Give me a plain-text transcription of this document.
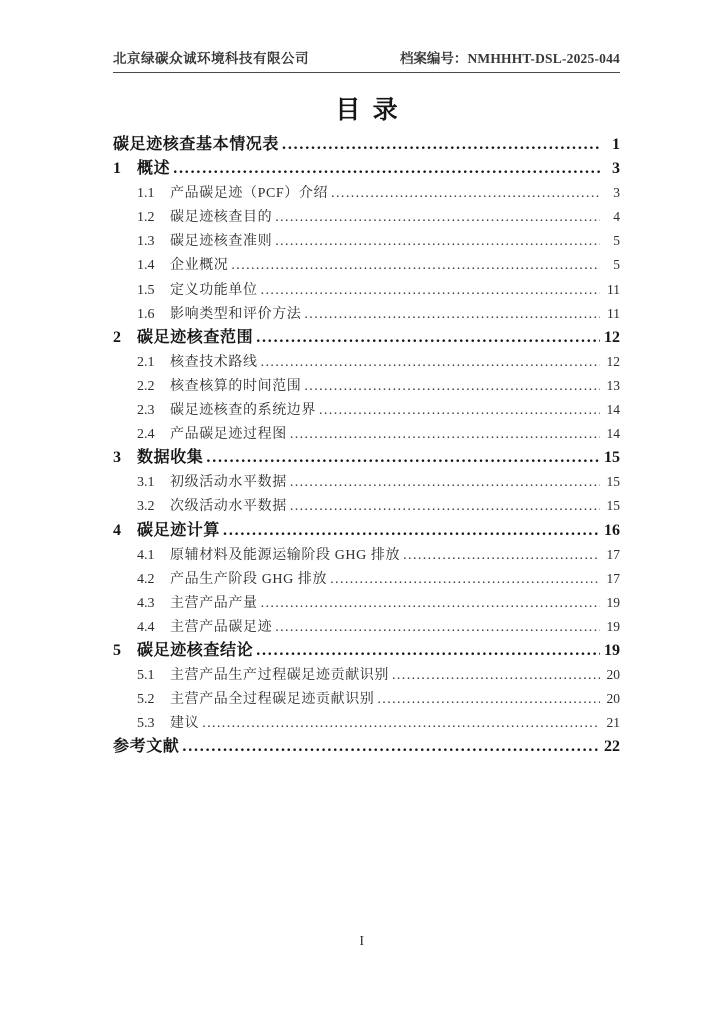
北京绿碳众诚环境科技有限公司	档案编号：NMHHHT-DSL-2025-044
目 录
碳足迹核查基本情况表 .....	1
1	概述 .....	3
1.1	产品碳足迹（PCF）介绍 .....	3
1.2	碳足迹核查目的 .....	4
1.3	碳足迹核查准则 .....	5
1.4	企业概况 .....	5
1.5	定义功能单位 .....	11
1.6	影响类型和评价方法 .....	11
2	碳足迹核查范围 .....	12
2.1	核查技术路线 .....	12
2.2	核查核算的时间范围 .....	13
2.3	碳足迹核查的系统边界 .....	14
2.4	产品碳足迹过程图 .....	14
3	数据收集 .....	15
3.1	初级活动水平数据 .....	15
3.2	次级活动水平数据 .....	15
4	碳足迹计算 .....	16
4.1	原辅材料及能源运输阶段 GHG 排放 .....	17
4.2	产品生产阶段 GHG 排放 .....	17
4.3	主营产品产量 .....	19
4.4	主营产品碳足迹 .....	19
5	碳足迹核查结论 .....	19
5.1	主营产品生产过程碳足迹贡献识别 .....	20
5.2	主营产品全过程碳足迹贡献识别 .....	20
5.3	建议 .....	21
参考文献 .....	22
I
